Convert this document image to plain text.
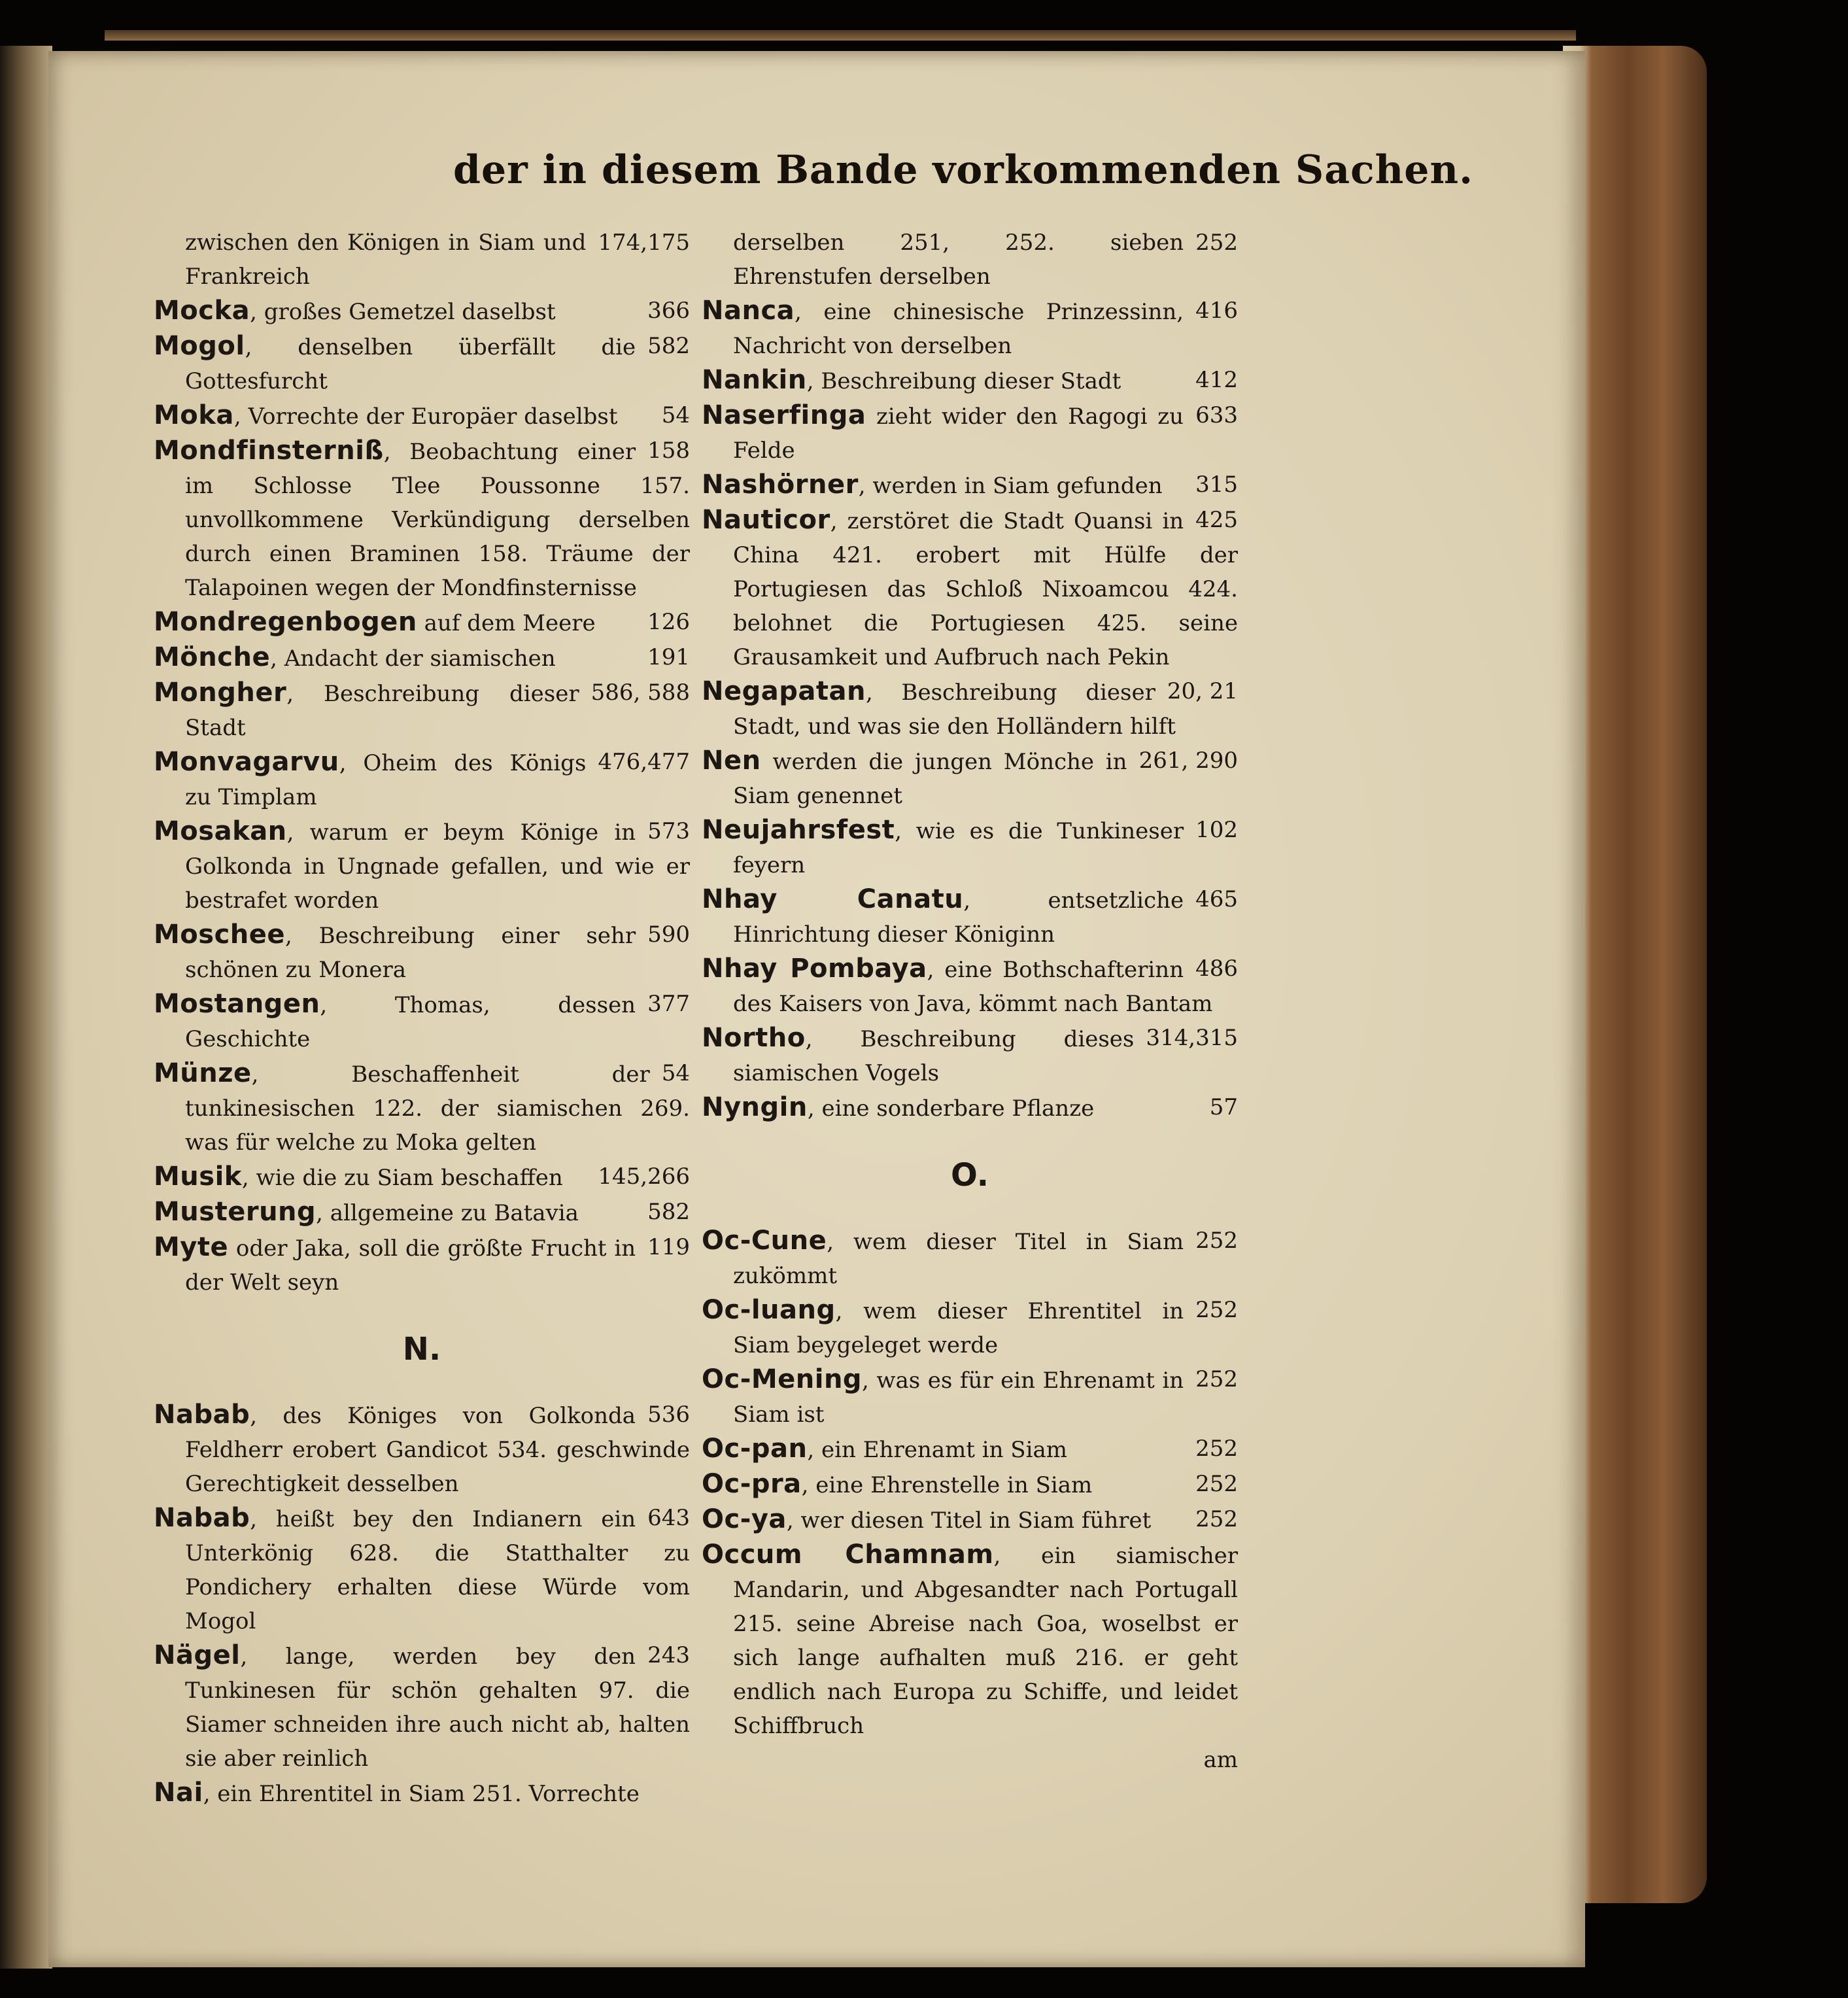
der in diesem Bande vorkommenden Sachen.

174,175
zwischen den Königen in Siam und Frankreich

366
Mocka, großes Gemetzel daselbst

582
Mogol, denselben überfällt die Gottesfurcht

54
Moka, Vorrechte der Europäer daselbst

158
Mondfinsterniß, Beobachtung einer im Schlosse Tlee Poussonne 157. unvollkommene Verkündigung derselben durch einen Braminen 158. Träume der Talapoinen wegen der Mondfinsternisse

126
Mondregenbogen auf dem Meere

191
Mönche, Andacht der siamischen

586, 588
Mongher, Beschreibung dieser Stadt

476,477
Monvagarvu, Oheim des Königs zu Timplam

573
Mosakan, warum er beym Könige in Golkonda in Ungnade gefallen, und wie er bestrafet worden

590
Moschee, Beschreibung einer sehr schönen zu Monera

377
Mostangen, Thomas, dessen Geschichte

54
Münze, Beschaffenheit der tunkinesischen 122. der siamischen 269. was für welche zu Moka gelten

145,266
Musik, wie die zu Siam beschaffen

582
Musterung, allgemeine zu Batavia

119
Myte oder Jaka, soll die größte Frucht in der Welt seyn

N.

536
Nabab, des Königes von Golkonda Feldherr erobert Gandicot 534. geschwinde Gerechtigkeit desselben

643
Nabab, heißt bey den Indianern ein Unterkönig 628. die Statthalter zu Pondichery erhalten diese Würde vom Mogol

243
Nägel, lange, werden bey den Tunkinesen für schön gehalten 97. die Siamer schneiden ihre auch nicht ab, halten sie aber reinlich

Nai, ein Ehrentitel in Siam 251. Vorrechte

252
derselben 251, 252. sieben Ehrenstufen derselben

416
Nanca, eine chinesische Prinzessinn, Nachricht von derselben

412
Nankin, Beschreibung dieser Stadt

633
Naserfinga zieht wider den Ragogi zu Felde

315
Nashörner, werden in Siam gefunden

425
Nauticor, zerstöret die Stadt Quansi in China 421. erobert mit Hülfe der Portugiesen das Schloß Nixoamcou 424. belohnet die Portugiesen 425. seine Grausamkeit und Aufbruch nach Pekin

20, 21
Negapatan, Beschreibung dieser Stadt, und was sie den Holländern hilft

261, 290
Nen werden die jungen Mönche in Siam genennet

102
Neujahrsfest, wie es die Tunkineser feyern

465
Nhay Canatu, entsetzliche Hinrichtung dieser Königinn

486
Nhay Pombaya, eine Bothschafterinn des Kaisers von Java, kömmt nach Bantam

314,315
Northo, Beschreibung dieses siamischen Vogels

57
Nyngin, eine sonderbare Pflanze

O.

252
Oc-Cune, wem dieser Titel in Siam zukömmt

252
Oc-luang, wem dieser Ehrentitel in Siam beygeleget werde

252
Oc-Mening, was es für ein Ehrenamt in Siam ist

252
Oc-pan, ein Ehrenamt in Siam

252
Oc-pra, eine Ehrenstelle in Siam

252
Oc-ya, wer diesen Titel in Siam führet

Occum Chamnam, ein siamischer Mandarin, und Abgesandter nach Portugall 215. seine Abreise nach Goa, woselbst er sich lange aufhalten muß 216. er geht endlich nach Europa zu Schiffe, und leidet Schiffbruch

am
